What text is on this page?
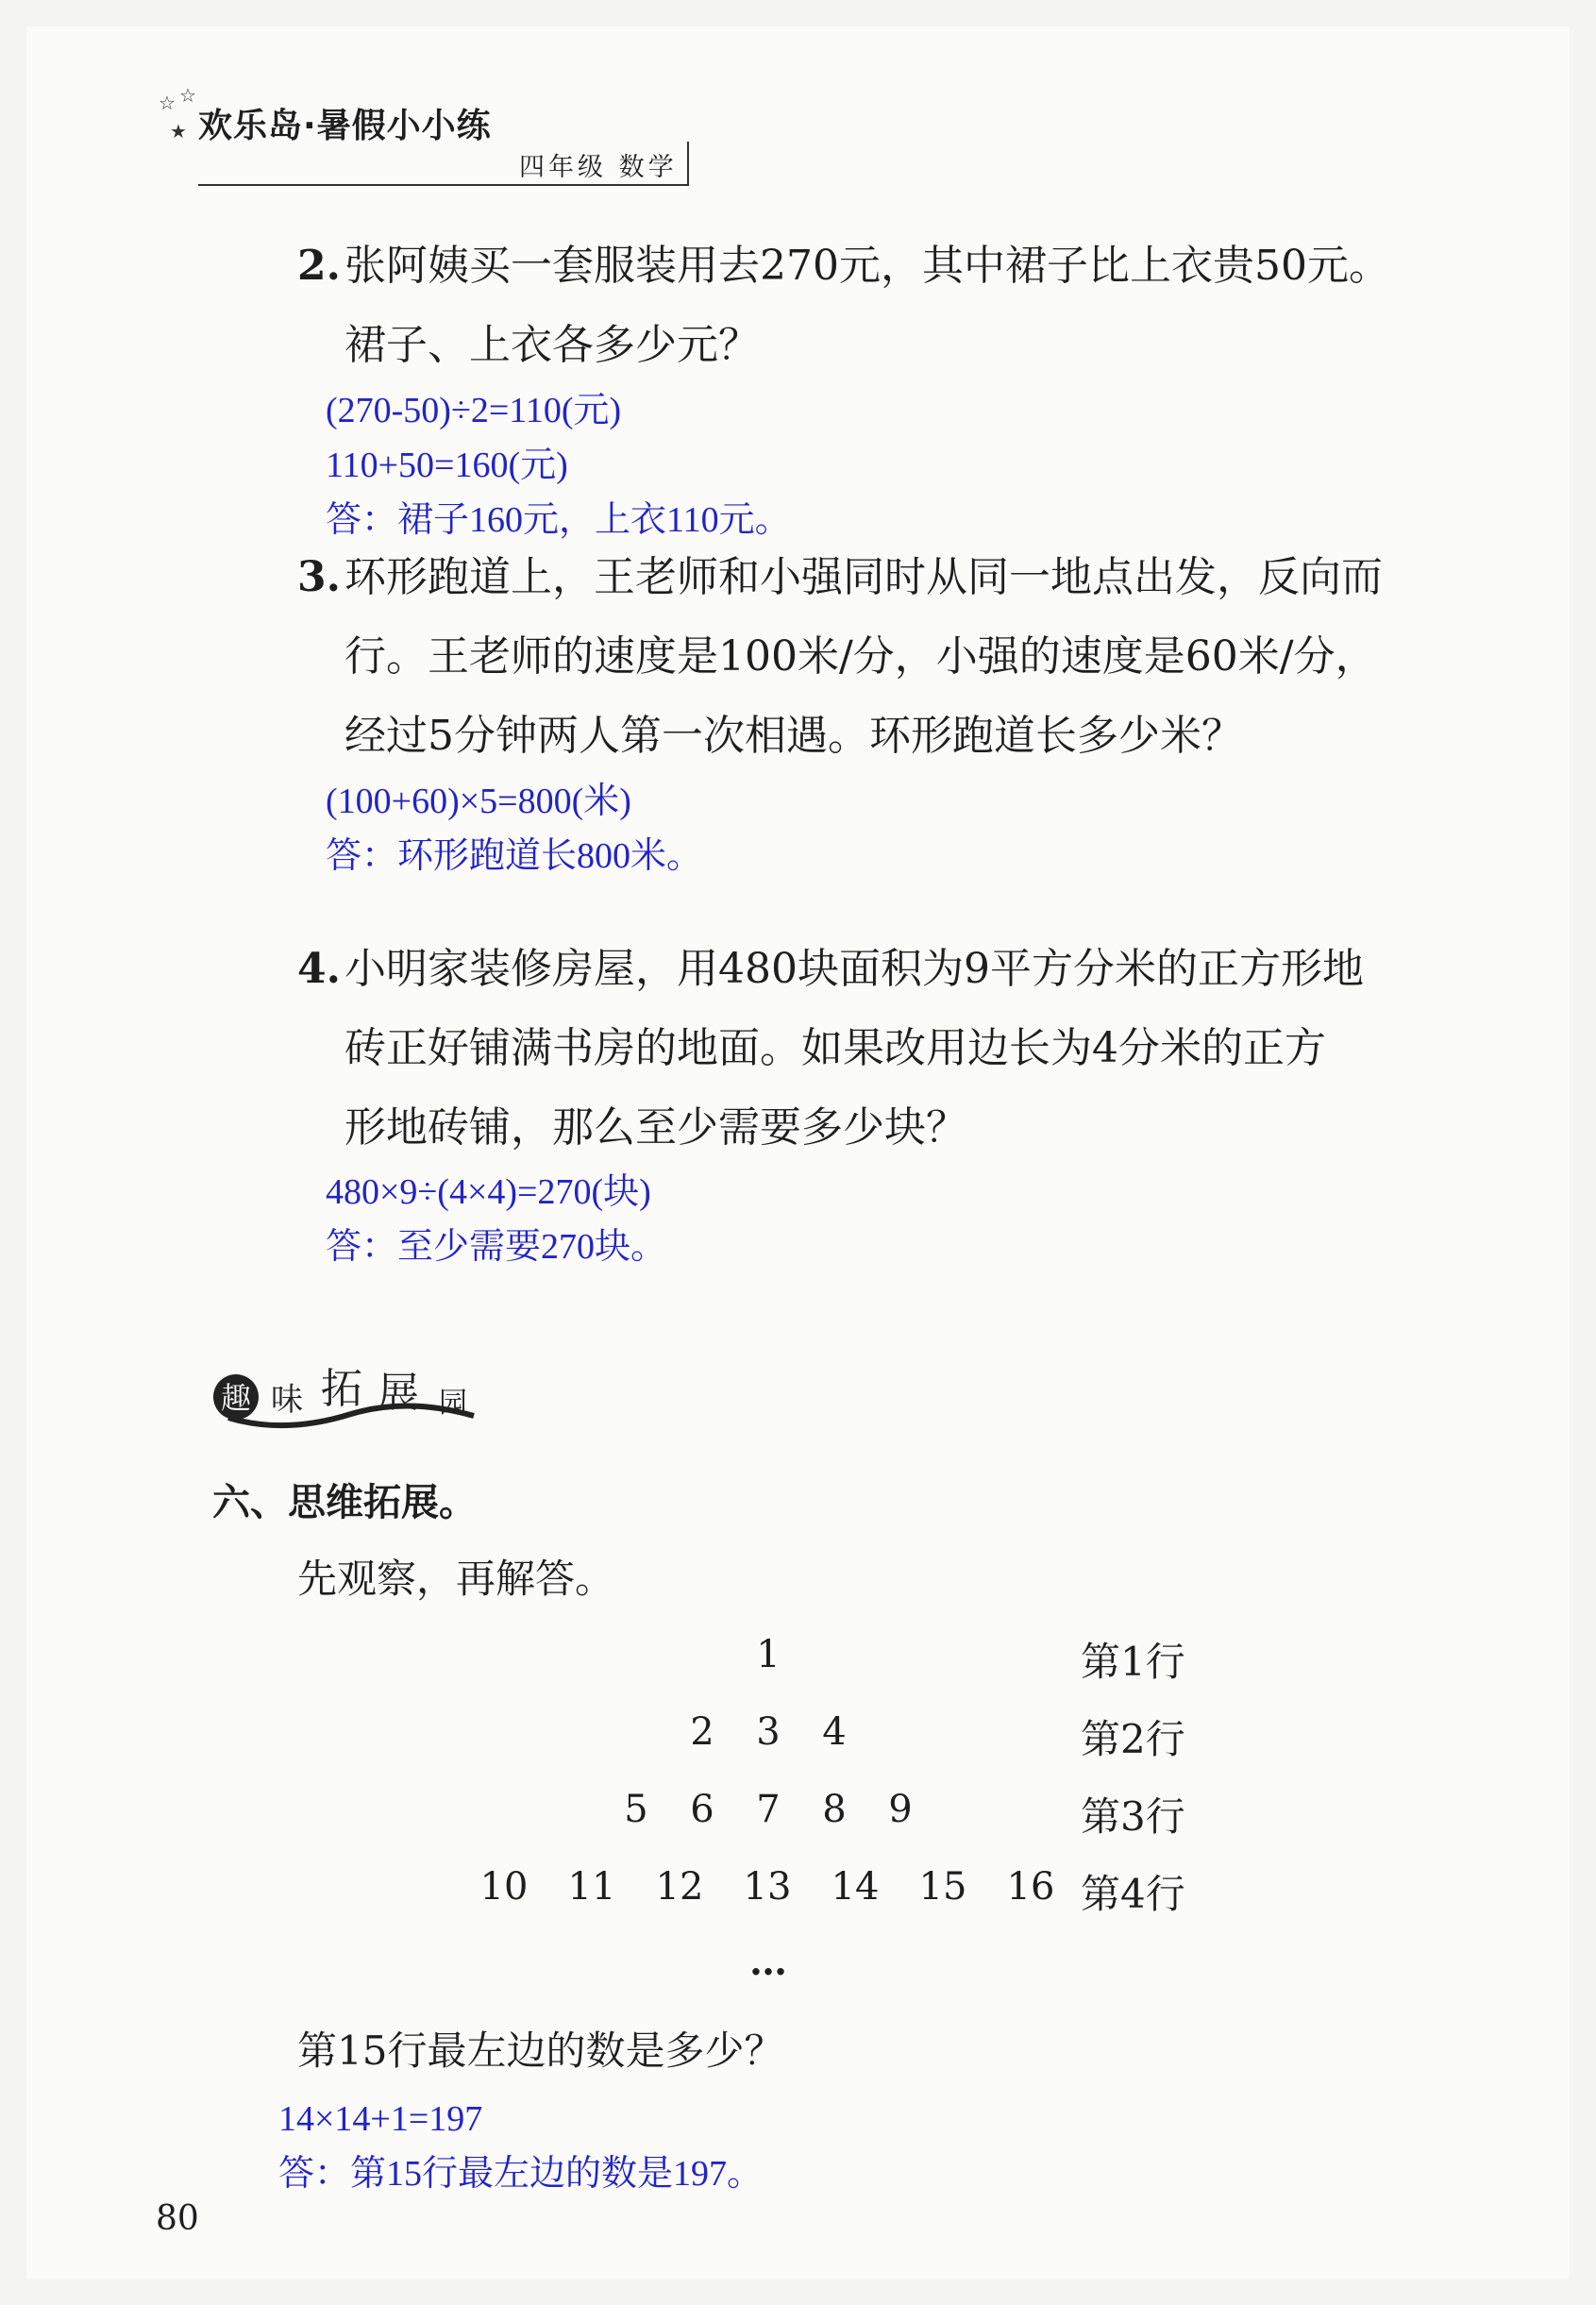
☆ ☆
★ 欢乐岛·暑假小小练
四年级 数学
2. 张阿姨买一套服装用去270元，其中裙子比上衣贵50元。
裙子、上衣各多少元？
(270-50)÷2=110(元)
110+50=160(元)
答：裙子160元，上衣110元。
3. 环形跑道上，王老师和小强同时从同一地点出发，反向而
行。王老师的速度是100米/分，小强的速度是60米/分，
经过5分钟两人第一次相遇。环形跑道长多少米？
(100+60)×5=800(米)
答：环形跑道长800米。
4. 小明家装修房屋，用480块面积为9平方分米的正方形地
砖正好铺满书房的地面。如果改用边长为4分米的正方
形地砖铺，那么至少需要多少块？
480×9÷(4×4)=270(块)
答：至少需要270块。
趣 味 拓 展 园
六、思维拓展。
先观察，再解答。
1	第1行
2	3	4	第2行
5	6	7	8	9	第3行
10	11	12	13	14	15	16 第4行
…
第15行最左边的数是多少？
14×14+1=197
答：第15行最左边的数是197。
80
